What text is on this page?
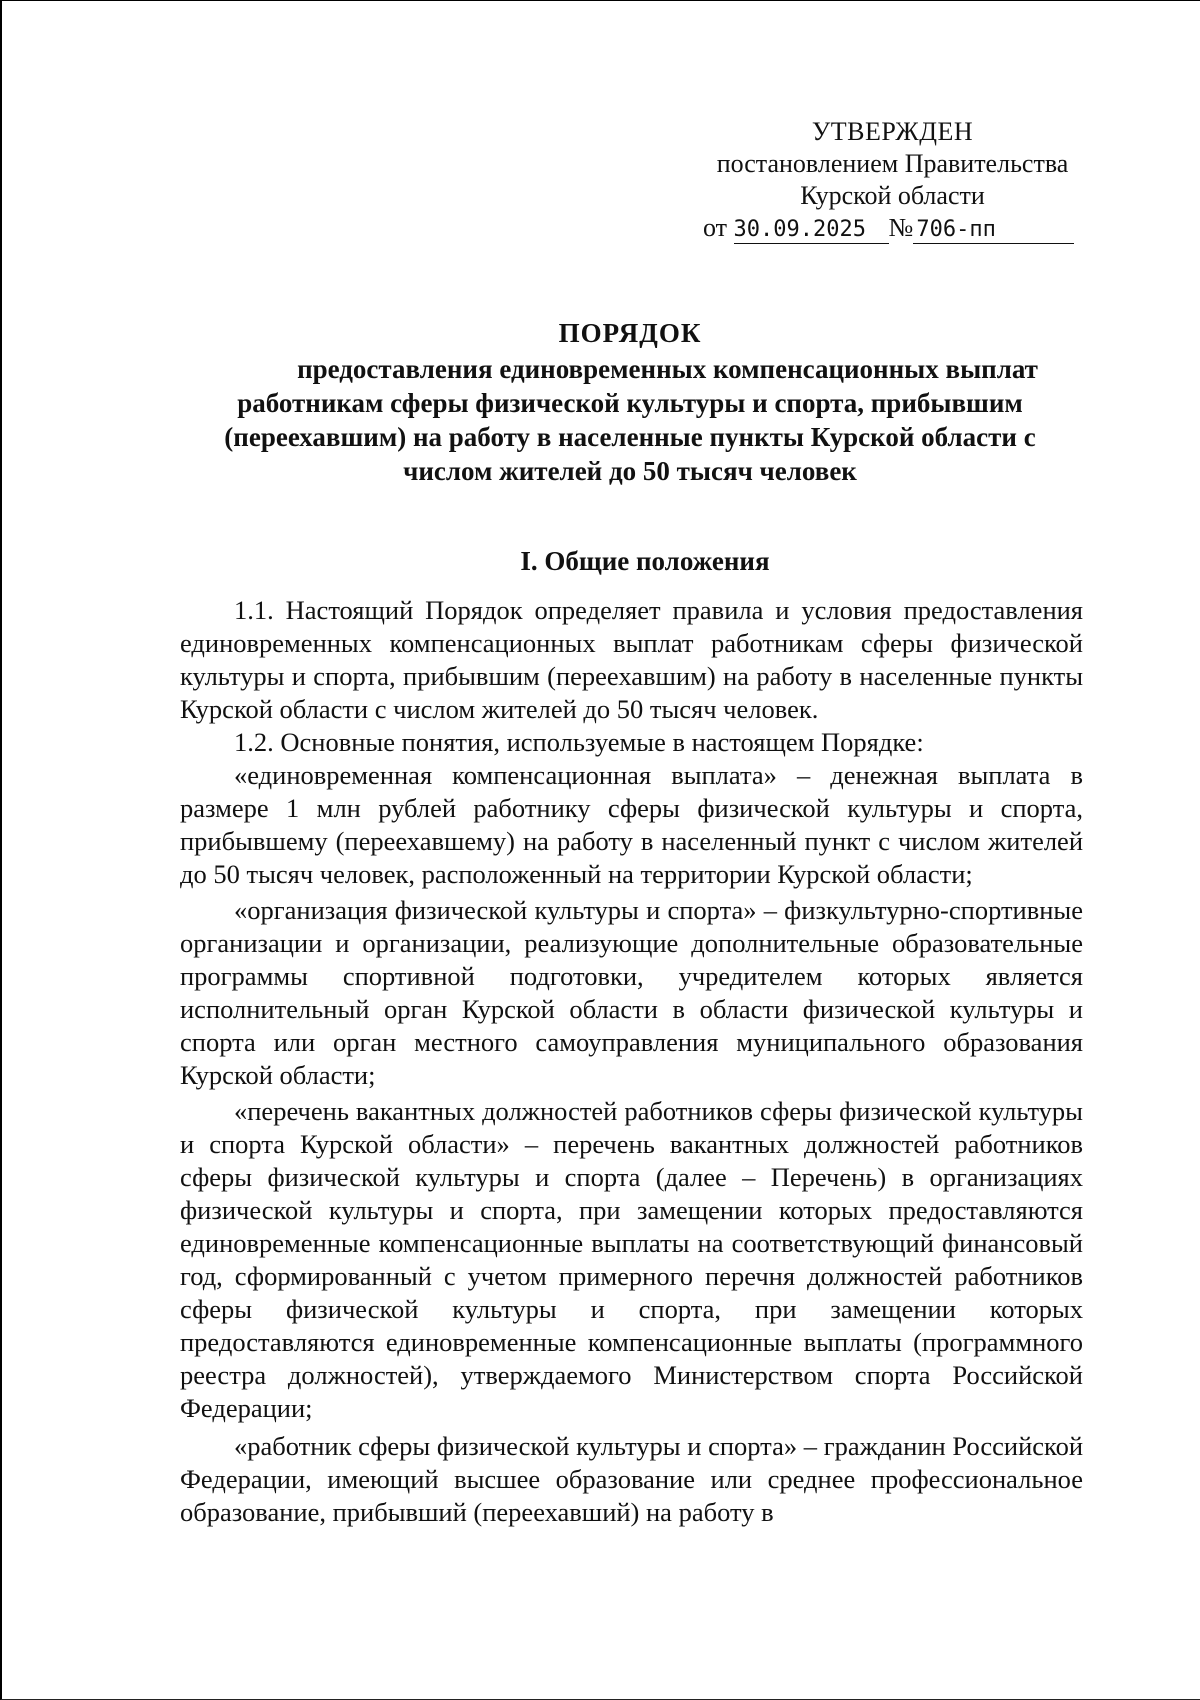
УТВЕРЖДЕН
постановлением Правительства
Курской области
от 30.09.2025 № 706-пп
ПОРЯДОК
предоставления единовременных компенсационных выплат
работникам сферы физической культуры и спорта, прибывшим
(переехавшим) на работу в населенные пункты Курской области с
числом жителей до 50 тысяч человек
I. Общие положения

1.1. Настоящий Порядок определяет правила и условия предоставления единовременных компенсационных выплат работникам сферы физической культуры и спорта, прибывшим (переехавшим) на работу в населенные пункты Курской области с числом жителей до 50 тысяч человек.

1.2. Основные понятия, используемые в настоящем Порядке:

«единовременная компенсационная выплата» – денежная выплата в размере 1 млн рублей работнику сферы физической культуры и спорта, прибывшему (переехавшему) на работу в населенный пункт с числом жителей до 50 тысяч человек, расположенный на территории Курской области;

«организация физической культуры и спорта» – физкультурно-спортивные организации и организации, реализующие дополнительные образовательные программы спортивной подготовки, учредителем которых является исполнительный орган Курской области в области физической культуры и спорта или орган местного самоуправления муниципального образования Курской области;

«перечень вакантных должностей работников сферы физической культуры и спорта Курской области» – перечень вакантных должностей работников сферы физической культуры и спорта (далее – Перечень) в организациях физической культуры и спорта, при замещении которых предоставляются единовременные компенсационные выплаты на соответствующий финансовый год, сформированный с учетом примерного перечня должностей работников сферы физической культуры и спорта, при замещении которых предоставляются единовременные компенсационные выплаты (программного реестра должностей), утверждаемого Министерством спорта Российской Федерации;

«работник сферы физической культуры и спорта» – гражданин Российской Федерации, имеющий высшее образование или среднее профессиональное образование, прибывший (переехавший) на работу в
